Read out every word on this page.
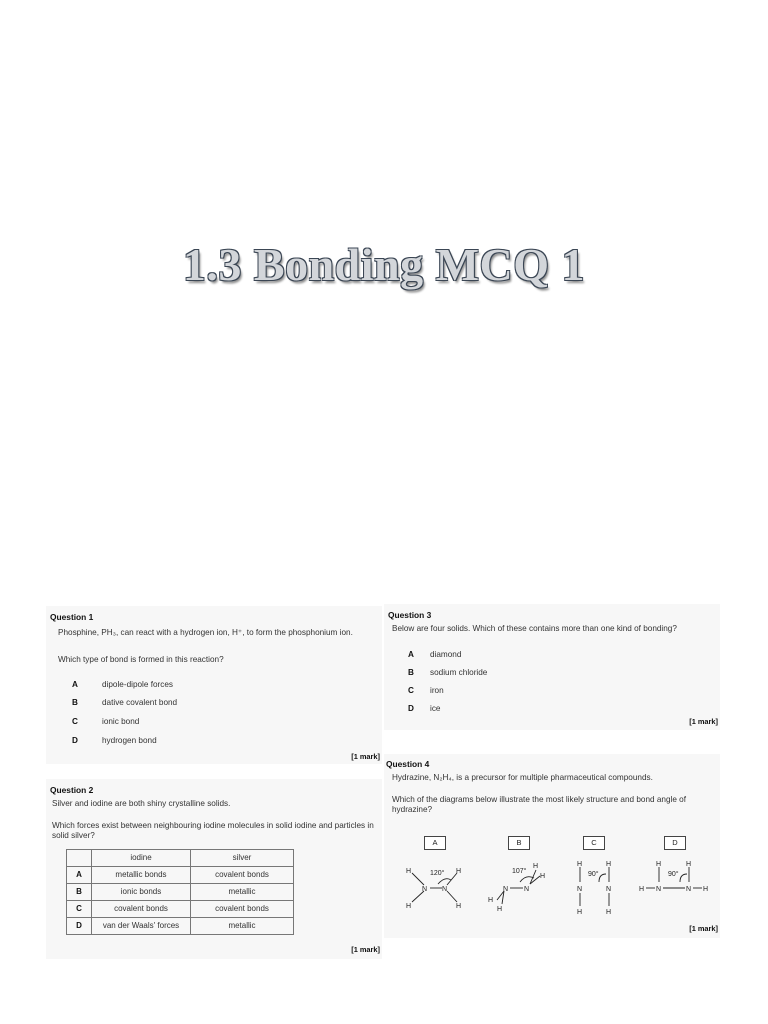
1.3 Bonding MCQ 1
Question 1
Phosphine, PH₃, can react with a hydrogen ion, H⁺, to form the phosphonium ion.
Which type of bond is formed in this reaction?
A	dipole-dipole forces
B	dative covalent bond
C	ionic bond
D	hydrogen bond
[1 mark]
Question 2
Silver and iodine are both shiny crystalline solids.
Which forces exist between neighbouring iodine molecules in solid iodine and particles in solid silver?
	iodine	silver
A	metallic bonds	covalent bonds
B	ionic bonds	metallic
C	covalent bonds	covalent bonds
D	van der Waals' forces	metallic
[1 mark]
Question 3
Below are four solids. Which of these contains more than one kind of bonding?
A diamond
B sodium chloride
C iron
D ice
[1 mark]
Question 4
Hydrazine, N₂H₄, is a precursor for multiple pharmaceutical compounds.
Which of the diagrams below illustrate the most likely structure and bond angle of hydrazine?
A	B	C	D
H
H
N N
H
H
120°
N N
H
H
H
H
107°
H	H
N	N
H	H
90°
H	H
H N	N H
90°
[1 mark]
